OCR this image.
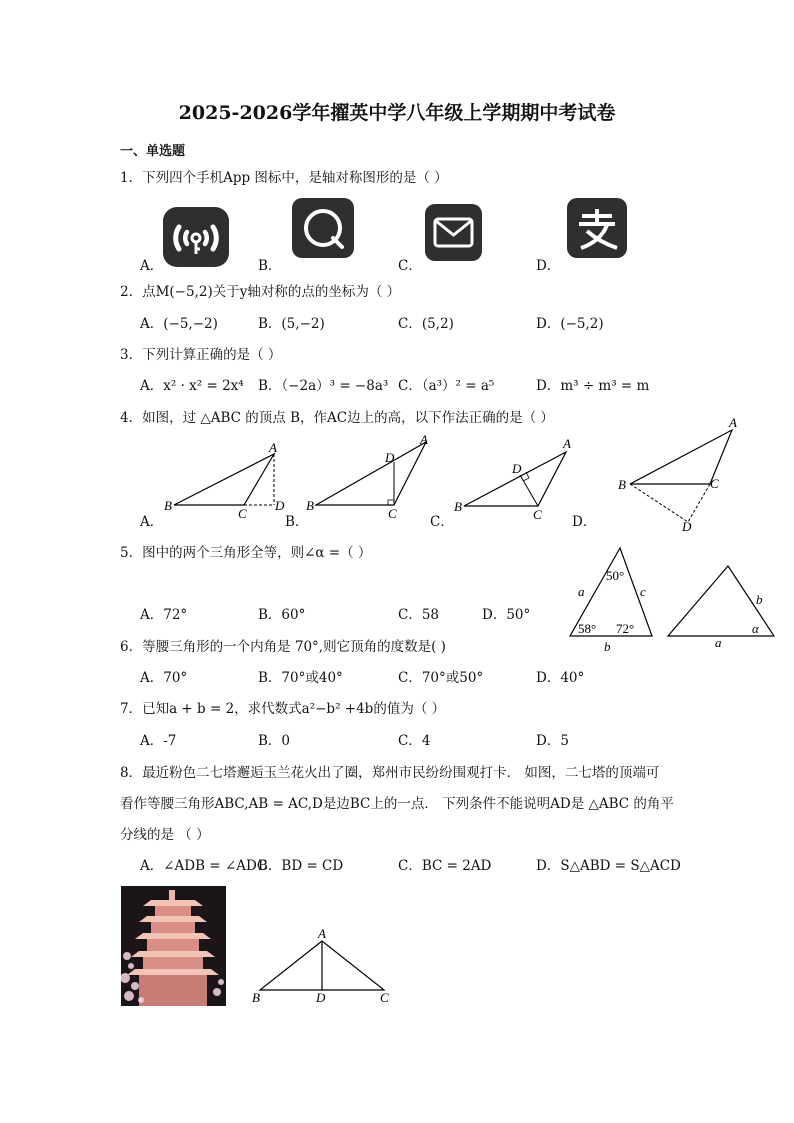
2025-2026学年擢英中学八年级上学期期中考试卷
一、单选题
1．下列四个手机App 图标中，是轴对称图形的是（ ）
A．	B．	C．	D．
2．点M(−5,2)关于y轴对称的点的坐标为（ ）
A．(−5,−2)	B．(5,−2)	C．(5,2)	D．(−5,2)
3．下列计算正确的是（ ）
A．x² · x² = 2x⁴ B．（−2a）³ = −8a³ C．（a³）² = a⁵	D．m³ ÷ m³ = m
4．如图，过 △ABC 的顶点 B，作AC边上的高，以下作法正确的是（ ）
B
A
C
D B
A
C
D
B
A
C
D
B
A
C
D
A．	B．	C．	D．
5．图中的两个三角形全等，则∠α =（ ）
A．72°	B．60°	C．58	D．50°
50°
58° 72°
a	c
b
b
a
α
6．等腰三角形的一个内角是 70°,则它顶角的度数是( )
A．70°	B．70°或40°	C．70°或50°	D．40°
7．已知a + b = 2，求代数式a²−b² +4b的值为（ ）
A．-7	B．0	C．4	D．5
8．最近粉色二七塔邂逅玉兰花火出了圈，郑州市民纷纷围观打卡． 如图，二七塔的顶端可
看作等腰三角形ABC,AB = AC,D是边BC上的一点． 下列条件不能说明AD是 △ABC 的角平
分线的是 （ ）
A．∠ADB = ∠ADC
B．BD = CD	C．BC = 2AD	D．S△ABD = S△ACD
A
B	D	C
